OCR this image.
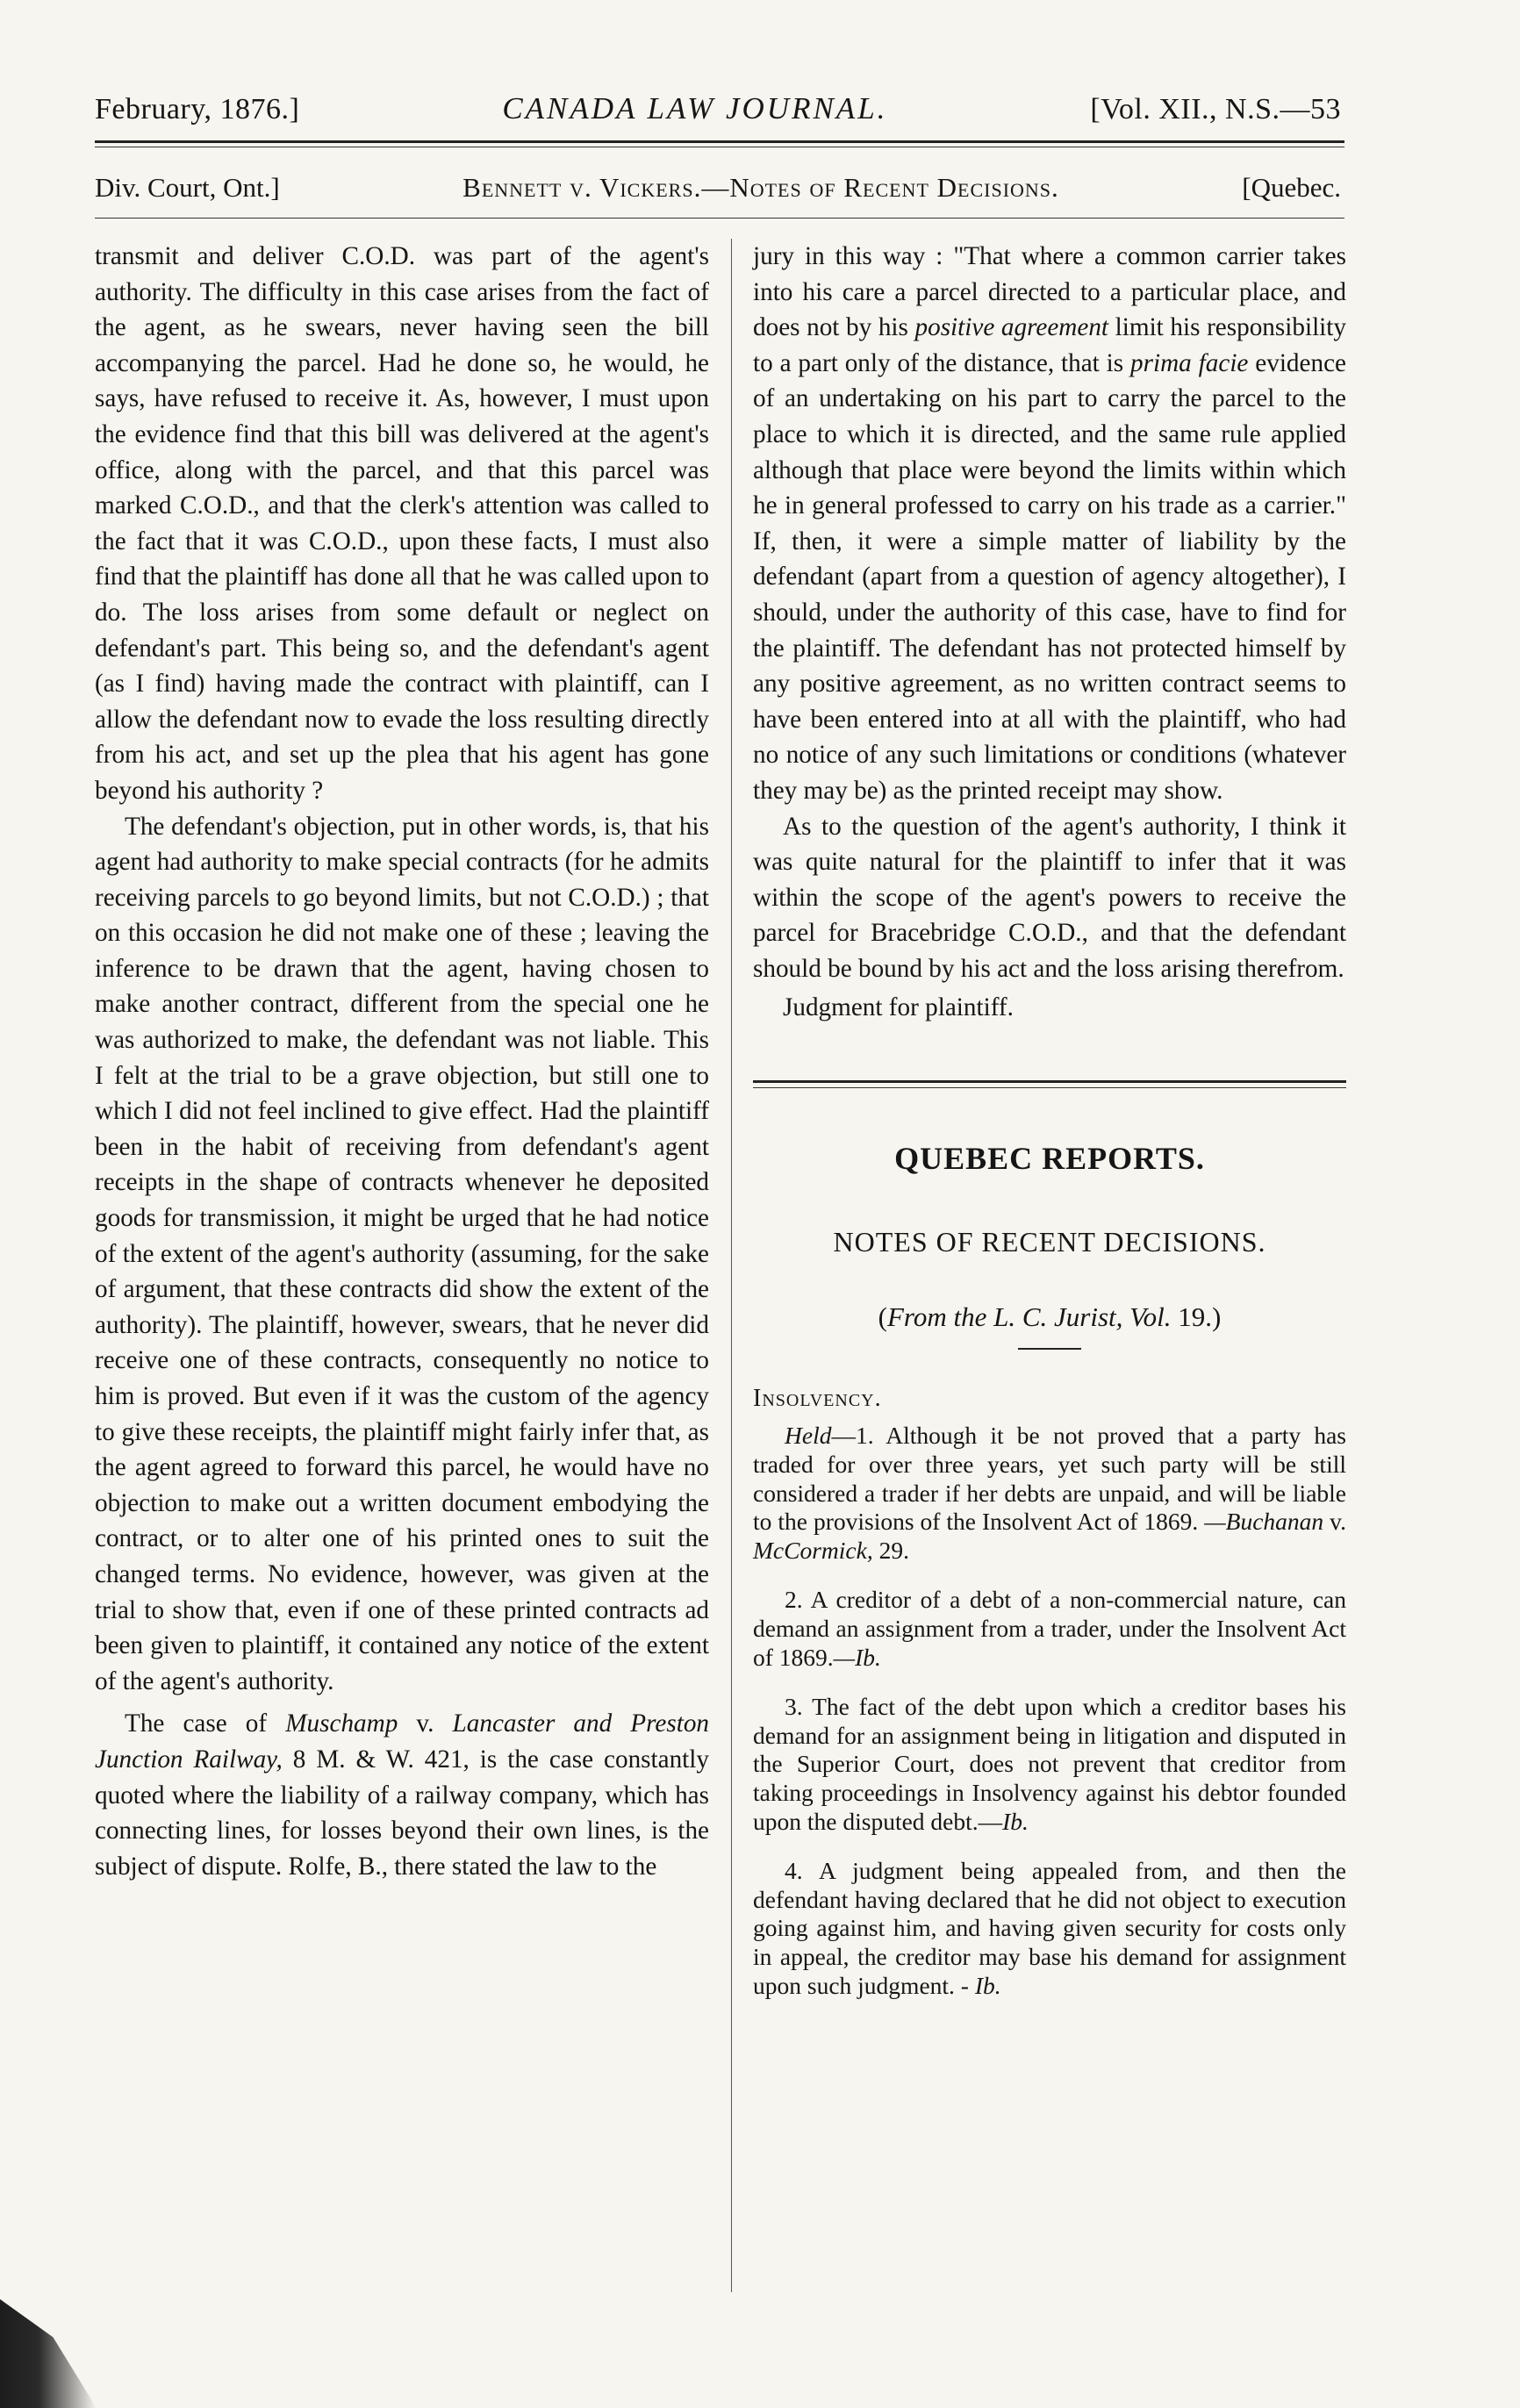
February, 1876.]	CANADA LAW JOURNAL.	[Vol. XII., N.S.—53
Div. Court, Ont.]	Bennett v. Vickers.—Notes of Recent Decisions.	[Quebec.

transmit and deliver C.O.D. was part of the agent's authority. The difficulty in this case arises from the fact of the agent, as he swears, never having seen the bill accompanying the parcel. Had he done so, he would, he says, have refused to receive it. As, however, I must upon the evidence find that this bill was delivered at the agent's office, along with the parcel, and that this parcel was marked C.O.D., and that the clerk's attention was called to the fact that it was C.O.D., upon these facts, I must also find that the plaintiff has done all that he was called upon to do. The loss arises from some default or neglect on defendant's part. This being so, and the defendant's agent (as I find) having made the contract with plaintiff, can I allow the defendant now to evade the loss resulting directly from his act, and set up the plea that his agent has gone beyond his authority ?

The defendant's objection, put in other words, is, that his agent had authority to make special contracts (for he admits receiving parcels to go beyond limits, but not C.O.D.) ; that on this occasion he did not make one of these ; leaving the inference to be drawn that the agent, having chosen to make another contract, different from the special one he was authorized to make, the defendant was not liable. This I felt at the trial to be a grave objection, but still one to which I did not feel inclined to give effect. Had the plaintiff been in the habit of receiving from defendant's agent receipts in the shape of contracts whenever he deposited goods for transmission, it might be urged that he had notice of the extent of the agent's authority (assuming, for the sake of argument, that these contracts did show the extent of the authority). The plaintiff, however, swears, that he never did receive one of these contracts, consequently no notice to him is proved. But even if it was the custom of the agency to give these receipts, the plaintiff might fairly infer that, as the agent agreed to forward this parcel, he would have no objection to make out a written document embodying the contract, or to alter one of his printed ones to suit the changed terms. No evidence, however, was given at the trial to show that, even if one of these printed contracts ad been given to plaintiff, it contained any notice of the extent of the agent's authority.

The case of Muschamp v. Lancaster and Preston Junction Railway, 8 M. & W. 421, is the case constantly quoted where the liability of a railway company, which has connecting lines, for losses beyond their own lines, is the subject of dispute. Rolfe, B., there stated the law to the

jury in this way : "That where a common carrier takes into his care a parcel directed to a particular place, and does not by his positive agreement limit his responsibility to a part only of the distance, that is prima facie evidence of an undertaking on his part to carry the parcel to the place to which it is directed, and the same rule applied although that place were beyond the limits within which he in general professed to carry on his trade as a carrier." If, then, it were a simple matter of liability by the defendant (apart from a question of agency altogether), I should, under the authority of this case, have to find for the plaintiff. The defendant has not protected himself by any positive agreement, as no written contract seems to have been entered into at all with the plaintiff, who had no notice of any such limitations or conditions (whatever they may be) as the printed receipt may show.

As to the question of the agent's authority, I think it was quite natural for the plaintiff to infer that it was within the scope of the agent's powers to receive the parcel for Bracebridge C.O.D., and that the defendant should be bound by his act and the loss arising therefrom.

Judgment for plaintiff.

QUEBEC REPORTS.
NOTES OF RECENT DECISIONS.
(From the L. C. Jurist, Vol. 19.)
Insolvency.
Held—1. Although it be not proved that a party has traded for over three years, yet such party will be still considered a trader if her debts are unpaid, and will be liable to the provisions of the Insolvent Act of 1869. —Buchanan v. McCormick, 29.
2. A creditor of a debt of a non-commercial nature, can demand an assignment from a trader, under the Insolvent Act of 1869.—Ib.
3. The fact of the debt upon which a creditor bases his demand for an assignment being in litigation and disputed in the Superior Court, does not prevent that creditor from taking proceedings in Insolvency against his debtor founded upon the disputed debt.—Ib.
4. A judgment being appealed from, and then the defendant having declared that he did not object to execution going against him, and having given security for costs only in appeal, the creditor may base his demand for assignment upon such judgment. - Ib.
